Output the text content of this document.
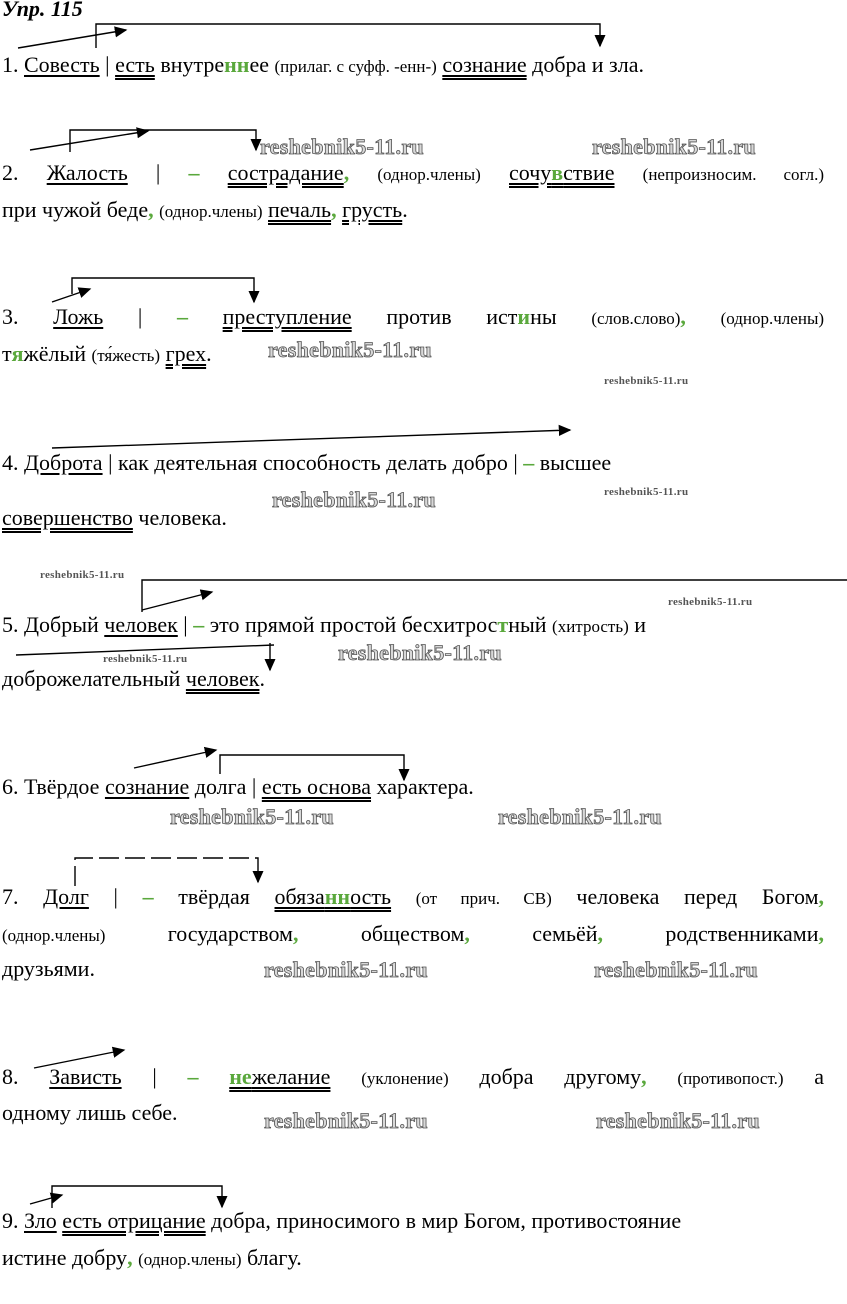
Упр. 115
1. Совесть | есть внутреннее (прилаг. с суфф. -енн-) сознание добра и зла.
2. Жалость | – сострадание, (однор.члены) сочувствие (непроизносим. согл.)
при чужой беде, (однор.члены) печаль, грусть.
3. Ложь | – преступление против истины (слов.слово), (однор.члены)
тяжёлый (тя́жесть) грех.
4. Доброта | как деятельная способность делать добро | – высшее
совершенство человека.
5. Добрый человек | – это прямой простой бесхитростный (хитрость) и
доброжелательный человек.
6. Твёрдое сознание долга | есть основа характера.
7. Долг | – твёрдая обязанность (от прич. СВ) человека перед Богом,
(однор.члены) государством, обществом, семьёй, родственниками,
друзьями.
8. Зависть | – нежелание (уклонение) добра другому, (противопост.) а
одному лишь себе.
9. Зло есть отрицание добра, приносимого в мир Богом, противостояние
истине добру, (однор.члены) благу.
reshebnik5-11.ru	reshebnik5-11.ru
reshebnik5-11.ru
reshebnik5-11.ru
reshebnik5-11.ru	reshebnik5-11.ru
reshebnik5-11.ru
reshebnik5-11.ru
reshebnik5-11.ru	reshebnik5-11.ru
reshebnik5-11.ru	reshebnik5-11.ru
reshebnik5-11.ru	reshebnik5-11.ru
reshebnik5-11.ru	reshebnik5-11.ru
